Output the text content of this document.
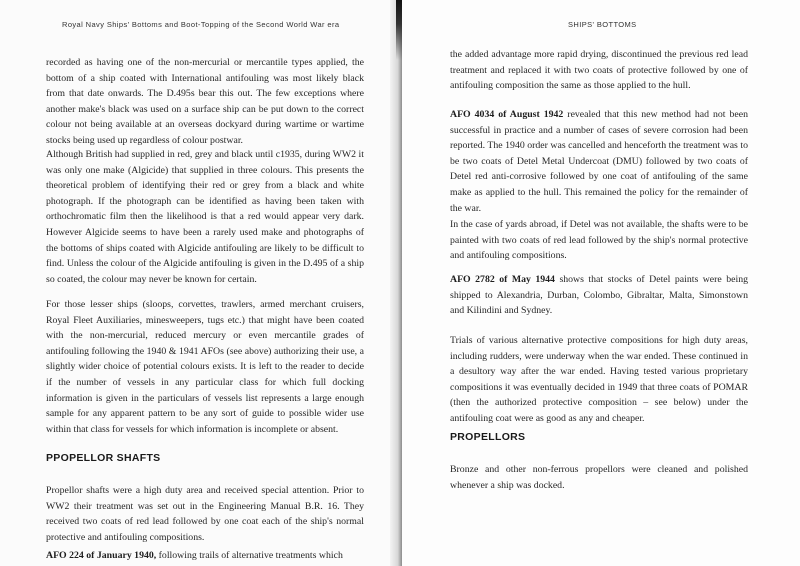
Royal Navy Ships' Bottoms and Boot-Topping of the Second World War era

recorded as having one of the non-mercurial or mercantile types applied, the bottom of a ship coated with International antifouling was most likely black from that date onwards. The D.495s bear this out. The few exceptions where another make's black was used on a surface ship can be put down to the correct colour not being available at an overseas dockyard during wartime or wartime stocks being used up regardless of colour postwar.

Although British had supplied in red, grey and black until c1935, during WW2 it was only one make (Algicide) that supplied in three colours. This presents the theoretical problem of identifying their red or grey from a black and white photograph. If the photograph can be identified as having been taken with orthochromatic film then the likelihood is that a red would appear very dark. However Algicide seems to have been a rarely used make and photographs of the bottoms of ships coated with Algicide antifouling are likely to be difficult to find. Unless the colour of the Algicide antifouling is given in the D.495 of a ship so coated, the colour may never be known for certain.

For those lesser ships (sloops, corvettes, trawlers, armed merchant cruisers, Royal Fleet Auxiliaries, minesweepers, tugs etc.) that might have been coated with the non-mercurial, reduced mercury or even mercantile grades of antifouling following the 1940 & 1941 AFOs (see above) authorizing their use, a slightly wider choice of potential colours exists. It is left to the reader to decide if the number of vessels in any particular class for which full docking information is given in the particulars of vessels list represents a large enough sample for any apparent pattern to be any sort of guide to possible wider use within that class for vessels for which information is incomplete or absent.

PPOPELLOR SHAFTS

Propellor shafts were a high duty area and received special attention. Prior to WW2 their treatment was set out in the Engineering Manual B.R. 16. They received two coats of red lead followed by one coat each of the ship's normal protective and antifouling compositions.

AFO 224 of January 1940, following trails of alternative treatments which

SHIPS' BOTTOMS

the added advantage more rapid drying, discontinued the previous red lead treatment and replaced it with two coats of protective followed by one of antifouling composition the same as those applied to the hull.

AFO 4034 of August 1942 revealed that this new method had not been successful in practice and a number of cases of severe corrosion had been reported. The 1940 order was cancelled and henceforth the treatment was to be two coats of Detel Metal Undercoat (DMU) followed by two coats of Detel red anti-corrosive followed by one coat of antifouling of the same make as applied to the hull. This remained the policy for the remainder of the war.

In the case of yards abroad, if Detel was not available, the shafts were to be painted with two coats of red lead followed by the ship's normal protective and antifouling compositions.

AFO 2782 of May 1944 shows that stocks of Detel paints were being shipped to Alexandria, Durban, Colombo, Gibraltar, Malta, Simonstown and Kilindini and Sydney.

Trials of various alternative protective compositions for high duty areas, including rudders, were underway when the war ended. These continued in a desultory way after the war ended. Having tested various proprietary compositions it was eventually decided in 1949 that three coats of POMAR (then the authorized protective composition – see below) under the antifouling coat were as good as any and cheaper.

PROPELLORS

Bronze and other non-ferrous propellors were cleaned and polished whenever a ship was docked.
